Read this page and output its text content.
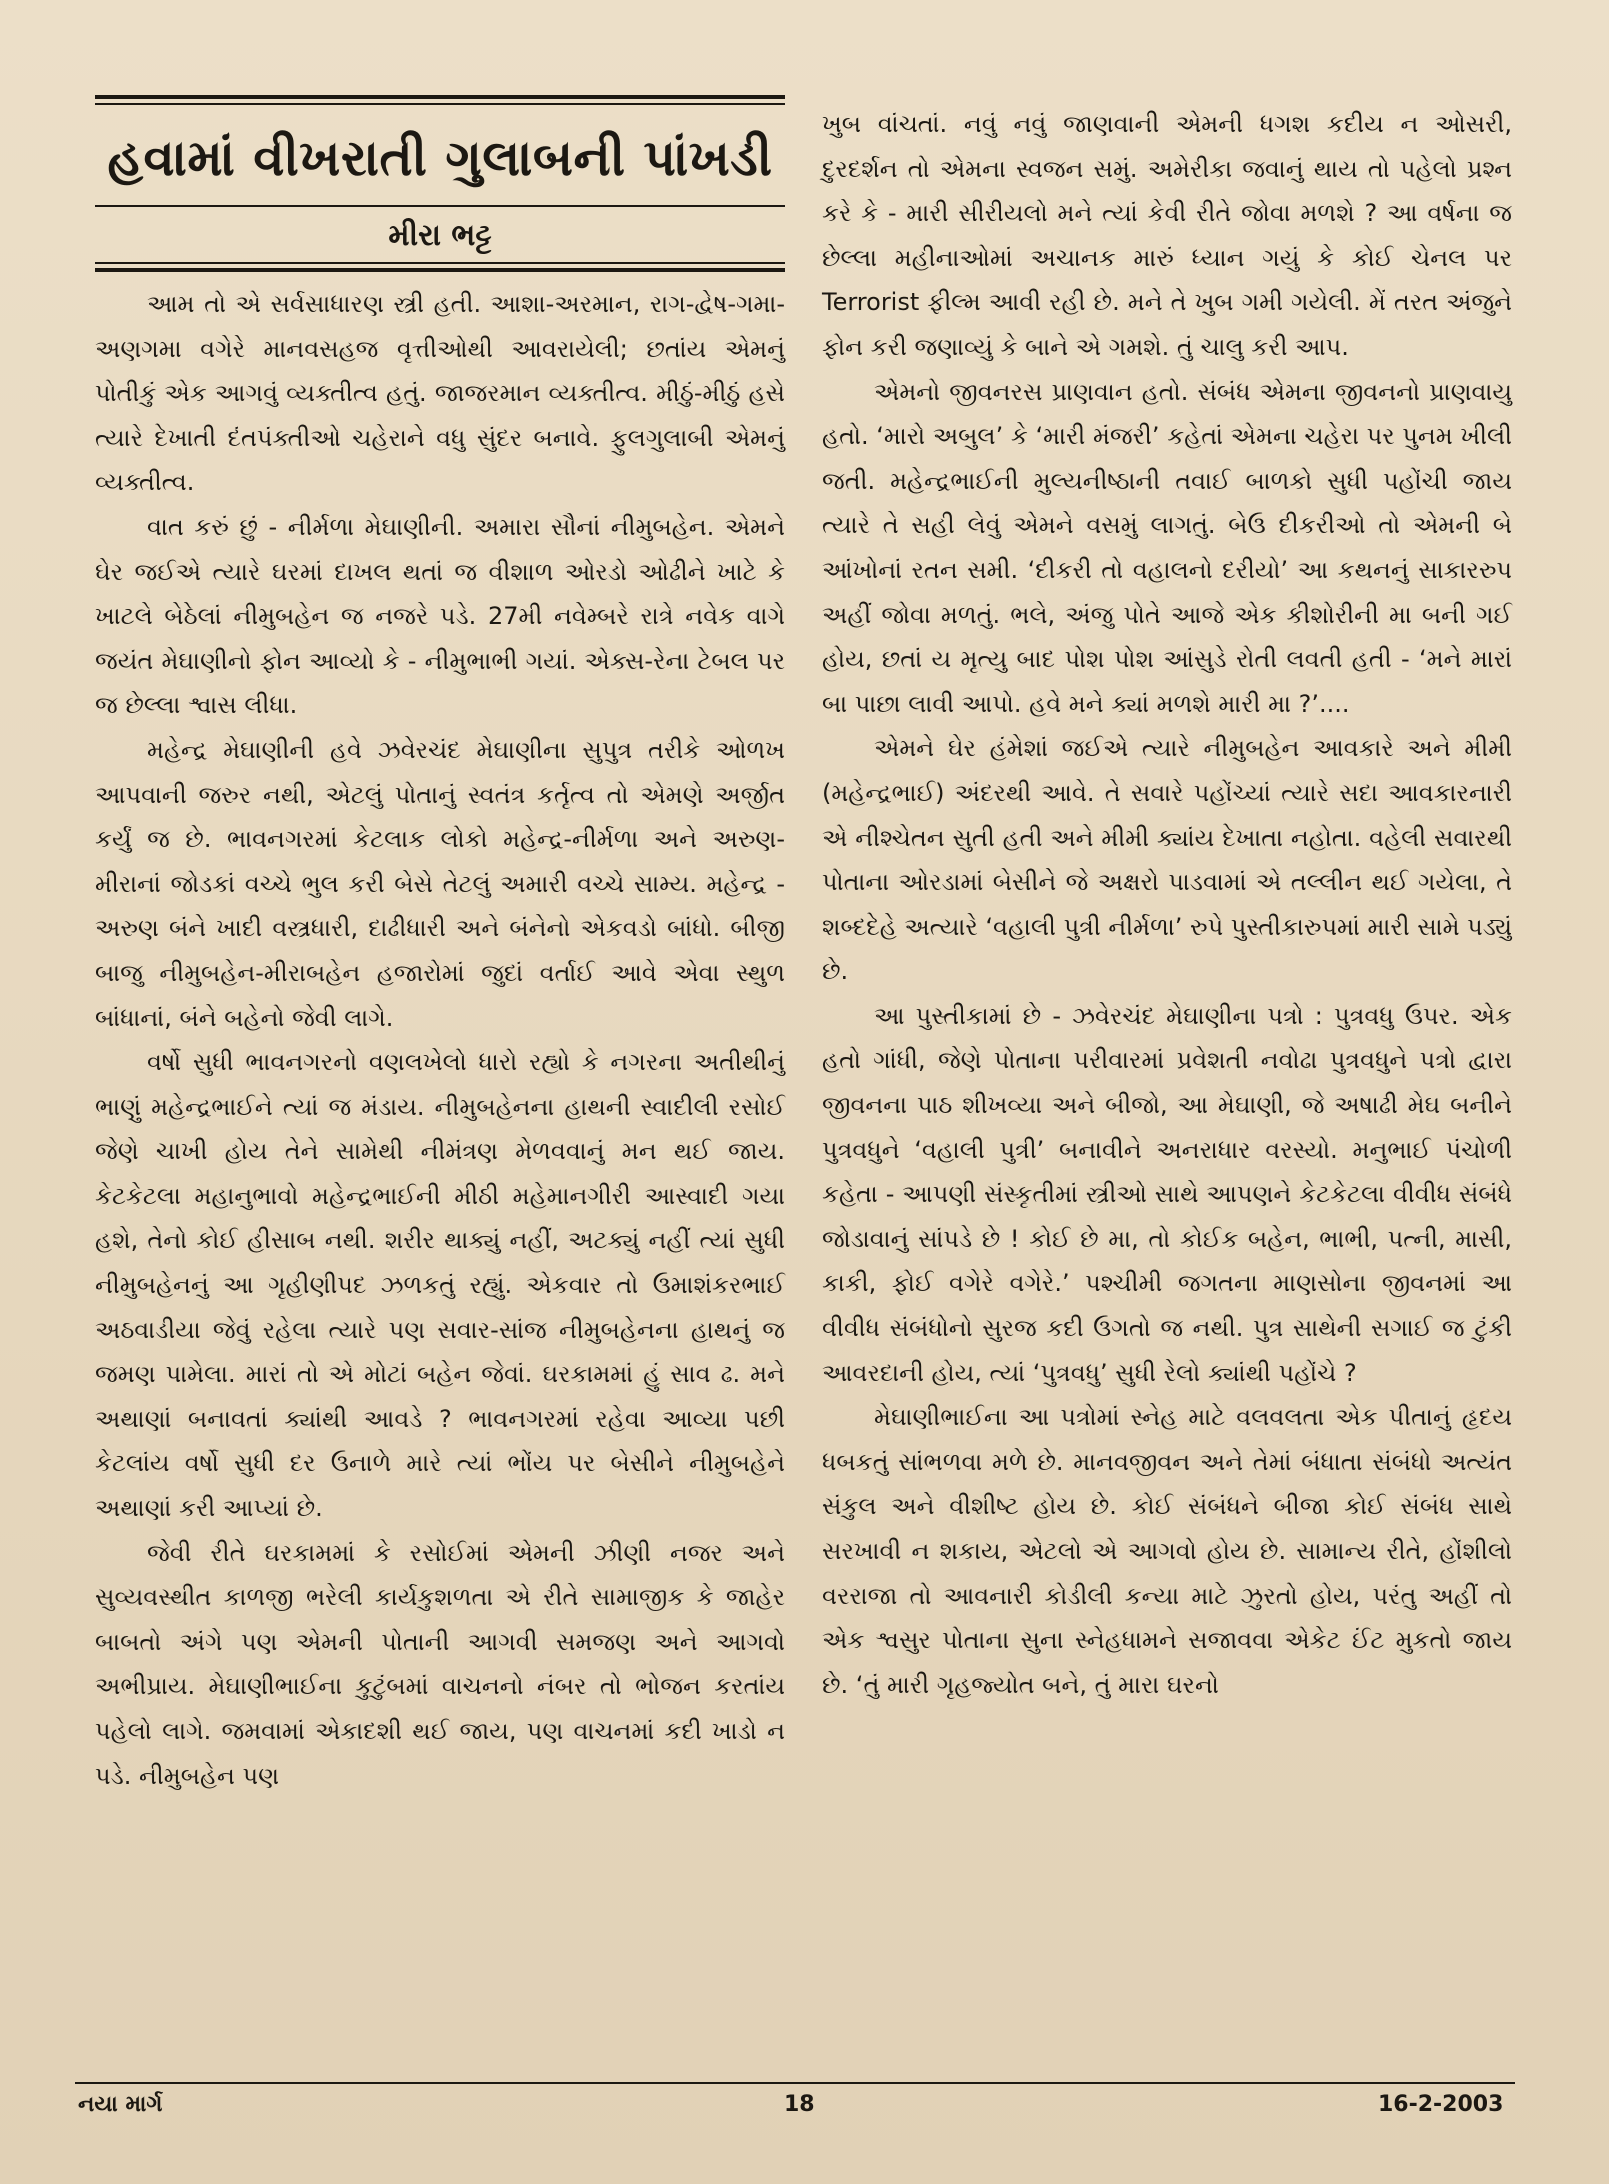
હવામાં વીખરાતી ગુલાબની પાંખડી

મીરા ભટ્ટ

આમ તો એ સર્વસાધારણ સ્ત્રી હતી. આશા-અરમાન, રાગ-દ્વેષ-ગમા-અણગમા વગેરે માનવસહજ વૃત્તીઓથી આવરાયેલી; છતાંય એમનું પોતીકું એક આગવું વ્યક્તીત્વ હતું. જાજરમાન વ્યક્તીત્વ. મીઠું-મીઠું હસે ત્યારે દેખાતી દંતપંક્તીઓ ચહેરાને વધુ સુંદર બનાવે. ફુલગુલાબી એમનું વ્યક્તીત્વ.

વાત કરું છું - નીર્મળા મેઘાણીની. અમારા સૌનાં નીમુબહેન. એમને ઘેર જઈએ ત્યારે ઘરમાં દાખલ થતાં જ વીશાળ ઓરડો ઓઢીને ખાટે કે ખાટલે બેઠેલાં નીમુબહેન જ નજરે પડે. 27મી નવેમ્બરે રાત્રે નવેક વાગે જયંત મેઘાણીનો ફોન આવ્યો કે - નીમુભાભી ગયાં. એક્સ-રેના ટેબલ પર જ છેલ્લા શ્વાસ લીધા.

મહેન્દ્ર મેઘાણીની હવે ઝવેરચંદ મેઘાણીના સુપુત્ર તરીકે ઓળખ આપવાની જરુર નથી, એટલું પોતાનું સ્વતંત્ર કર્તૃત્વ તો એમણે અર્જીત કર્યું જ છે. ભાવનગરમાં કેટલાક લોકો મહેન્દ્ર-નીર્મળા અને અરુણ-મીરાનાં જોડકાં વચ્ચે ભુલ કરી બેસે તેટલું અમારી વચ્ચે સામ્ય. મહેન્દ્ર - અરુણ બંને ખાદી વસ્ત્રધારી, દાઢીધારી અને બંનેનો એકવડો બાંધો. બીજી બાજુ નીમુબહેન-મીરાબહેન હજારોમાં જુદાં વર્તાઈ આવે એવા સ્થુળ બાંધાનાં, બંને બહેનો જેવી લાગે.

વર્ષો સુધી ભાવનગરનો વણલખેલો ધારો રહ્યો કે નગરના અતીથીનું ભાણું મહેન્દ્રભાઈને ત્યાં જ મંડાય. નીમુબહેનના હાથની સ્વાદીલી રસોઈ જેણે ચાખી હોય તેને સામેથી નીમંત્રણ મેળવવાનું મન થઈ જાય. કેટકેટલા મહાનુભાવો મહેન્દ્રભાઈની મીઠી મહેમાનગીરી આસ્વાદી ગયા હશે, તેનો કોઈ હીસાબ નથી. શરીર થાક્યું નહીં, અટક્યું નહીં ત્યાં સુધી નીમુબહેનનું આ ગૃહીણીપદ ઝળકતું રહ્યું. એકવાર તો ઉમાશંકરભાઈ અઠવાડીયા જેવું રહેલા ત્યારે પણ સવાર-સાંજ નીમુબહેનના હાથનું જ જમણ પામેલા. મારાં તો એ મોટાં બહેન જેવાં. ઘરકામમાં હું સાવ ઢ. મને અથાણાં બનાવતાં ક્યાંથી આવડે ? ભાવનગરમાં રહેવા આવ્યા પછી કેટલાંય વર્ષો સુધી દર ઉનાળે મારે ત્યાં ભોંય પર બેસીને નીમુબહેને અથાણાં કરી આપ્યાં છે.

જેવી રીતે ઘરકામમાં કે રસોઈમાં એમની ઝીણી નજર અને સુવ્યવસ્થીત કાળજી ભરેલી કાર્યકુશળતા એ રીતે સામાજીક કે જાહેર બાબતો અંગે પણ એમની પોતાની આગવી સમજણ અને આગવો અભીપ્રાય. મેઘાણીભાઈના કુટુંબમાં વાચનનો નંબર તો ભોજન કરતાંય પહેલો લાગે. જમવામાં એકાદશી થઈ જાય, પણ વાચનમાં કદી ખાડો ન પડે. નીમુબહેન પણ

ખુબ વાંચતાં. નવું નવું જાણવાની એમની ધગશ કદીય ન ઓસરી, દુરદર્શન તો એમના સ્વજન સમું. અમેરીકા જવાનું થાય તો પહેલો પ્રશ્ન કરે કે - મારી સીરીયલો મને ત્યાં કેવી રીતે જોવા મળશે ? આ વર્ષના જ છેલ્લા મહીનાઓમાં અચાનક મારું ધ્યાન ગયું કે કોઈ ચેનલ પર Terrorist ફીલ્મ આવી રહી છે. મને તે ખુબ ગમી ગયેલી. મેં તરત અંજુને ફોન કરી જણાવ્યું કે બાને એ ગમશે. તું ચાલુ કરી આપ.

એમનો જીવનરસ પ્રાણવાન હતો. સંબંધ એમના જીવનનો પ્રાણવાયુ હતો. ‘મારો અબુલ’ કે ‘મારી મંજરી’ કહેતાં એમના ચહેરા પર પુનમ ખીલી જતી. મહેન્દ્રભાઈની મુલ્યનીષ્ઠાની તવાઈ બાળકો સુધી પહોંચી જાય ત્યારે તે સહી લેવું એમને વસમું લાગતું. બેઉ દીકરીઓ તો એમની બે આંખોનાં રતન સમી. ‘દીકરી તો વહાલનો દરીયો’ આ કથનનું સાકારરુપ અહીં જોવા મળતું. ભલે, અંજુ પોતે આજે એક કીશોરીની મા બની ગઈ હોય, છતાં ય મૃત્યુ બાદ પોશ પોશ આંસુડે રોતી લવતી હતી - ‘મને મારાં બા પાછા લાવી આપો. હવે મને ક્યાં મળશે મારી મા ?’....

એમને ઘેર હંમેશાં જઈએ ત્યારે નીમુબહેન આવકારે અને મીમી (મહેન્દ્રભાઈ) અંદરથી આવે. તે સવારે પહોંચ્યાં ત્યારે સદા આવકારનારી એ નીશ્ચેતન સુતી હતી અને મીમી ક્યાંય દેખાતા નહોતા. વહેલી સવારથી પોતાના ઓરડામાં બેસીને જે અક્ષરો પાડવામાં એ તલ્લીન થઈ ગયેલા, તે શબ્દદેહે અત્યારે ‘વહાલી પુત્રી નીર્મળા’ રુપે પુસ્તીકારુપમાં મારી સામે પડ્યું છે.

આ પુસ્તીકામાં છે - ઝવેરચંદ મેઘાણીના પત્રો : પુત્રવધુ ઉપર. એક હતો ગાંધી, જેણે પોતાના પરીવારમાં પ્રવેશતી નવોઢા પુત્રવધુને પત્રો દ્વારા જીવનના પાઠ શીખવ્યા અને બીજો, આ મેઘાણી, જે અષાઢી મેઘ બનીને પુત્રવધુને ‘વહાલી પુત્રી’ બનાવીને અનરાધાર વરસ્યો. મનુભાઈ પંચોળી કહેતા - આપણી સંસ્કૃતીમાં સ્ત્રીઓ સાથે આપણને કેટકેટલા વીવીધ સંબંધે જોડાવાનું સાંપડે છે ! કોઈ છે મા, તો કોઈક બહેન, ભાભી, પત્ની, માસી, કાકી, ફોઈ વગેરે વગેરે.’ પશ્ચીમી જગતના માણસોના જીવનમાં આ વીવીધ સંબંધોનો સુરજ કદી ઉગતો જ નથી. પુત્ર સાથેની સગાઈ જ ટુંકી આવરદાની હોય, ત્યાં ‘પુત્રવધુ’ સુધી રેલો ક્યાંથી પહોંચે ?

મેઘાણીભાઈના આ પત્રોમાં સ્નેહ માટે વલવલતા એક પીતાનું હૃદય ધબકતું સાંભળવા મળે છે. માનવજીવન અને તેમાં બંધાતા સંબંધો અત્યંત સંકુલ અને વીશીષ્ટ હોય છે. કોઈ સંબંધને બીજા કોઈ સંબંધ સાથે સરખાવી ન શકાય, એટલો એ આગવો હોય છે. સામાન્ય રીતે, હોંશીલો વરરાજા તો આવનારી કોડીલી કન્યા માટે ઝુરતો હોય, પરંતુ અહીં તો એક શ્વસુર પોતાના સુના સ્નેહધામને સજાવવા એકેટ ઈંટ મુકતો જાય છે. ‘તું મારી ગૃહજ્યોત બને, તું મારા ઘરનો

નયા માર્ગ	18	16-2-2003
